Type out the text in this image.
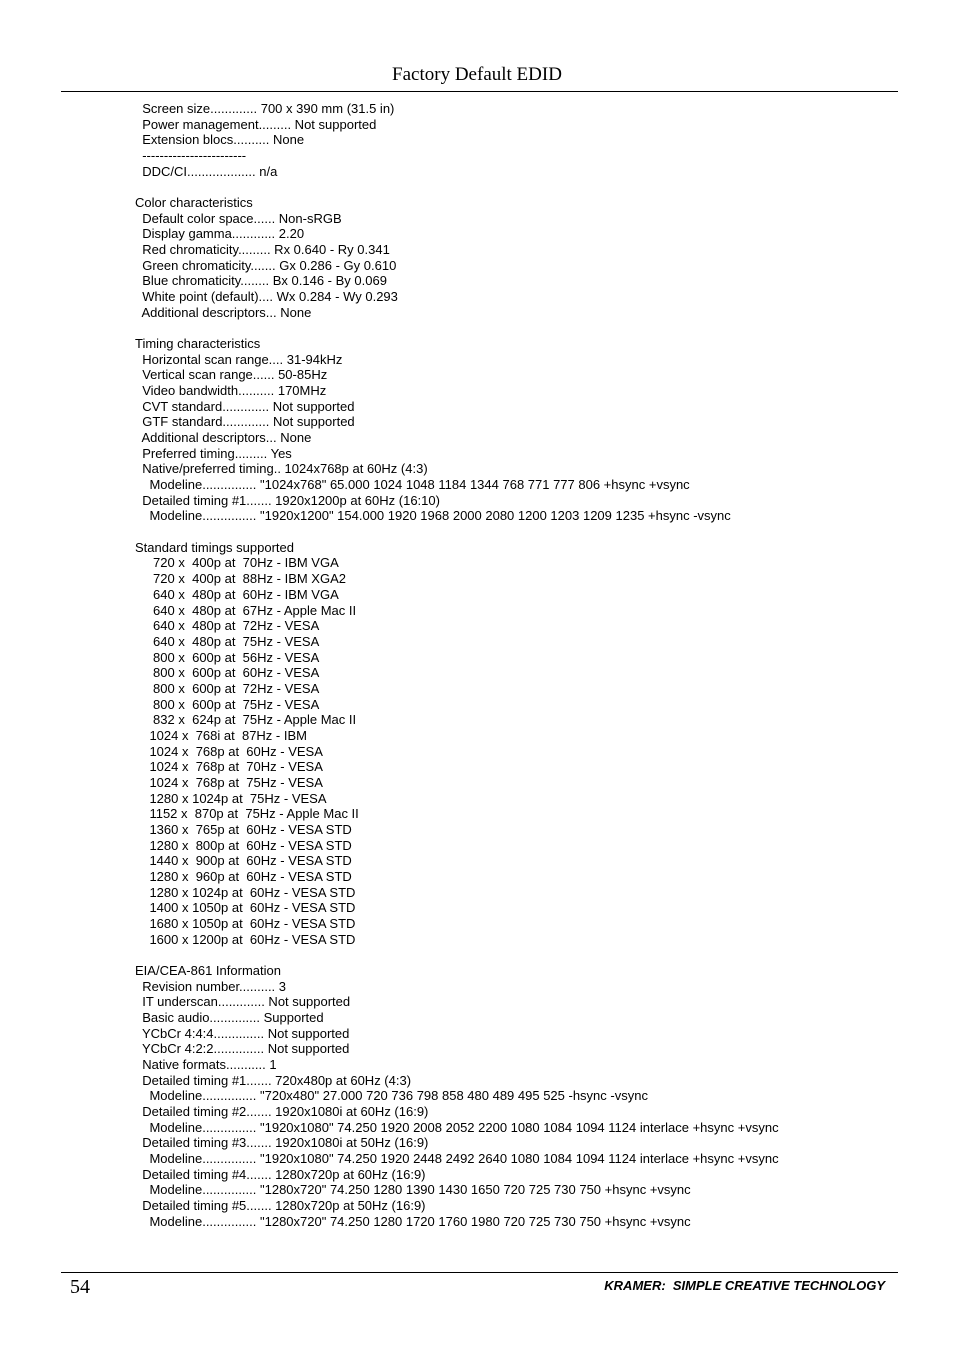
Factory Default EDID
Screen size............. 700 x 390 mm (31.5 in)
Power management......... Not supported
Extension blocs.......... None
------------------------
DDC/CI................... n/a
Color characteristics
Default color space...... Non-sRGB
Display gamma............ 2.20
Red chromaticity......... Rx 0.640 - Ry 0.341
Green chromaticity....... Gx 0.286 - Gy 0.610
Blue chromaticity........ Bx 0.146 - By 0.069
White point (default).... Wx 0.284 - Wy 0.293
Additional descriptors... None
Timing characteristics
Horizontal scan range.... 31-94kHz
Vertical scan range...... 50-85Hz
Video bandwidth.......... 170MHz
CVT standard............. Not supported
GTF standard............. Not supported
Additional descriptors... None
Preferred timing......... Yes
Native/preferred timing.. 1024x768p at 60Hz (4:3)
Modeline............... "1024x768" 65.000 1024 1048 1184 1344 768 771 777 806 +hsync +vsync
Detailed timing #1....... 1920x1200p at 60Hz (16:10)
Modeline............... "1920x1200" 154.000 1920 1968 2000 2080 1200 1203 1209 1235 +hsync -vsync
Standard timings supported
720 x  400p at  70Hz - IBM VGA
720 x  400p at  88Hz - IBM XGA2
640 x  480p at  60Hz - IBM VGA
640 x  480p at  67Hz - Apple Mac II
640 x  480p at  72Hz - VESA
640 x  480p at  75Hz - VESA
800 x  600p at  56Hz - VESA
800 x  600p at  60Hz - VESA
800 x  600p at  72Hz - VESA
800 x  600p at  75Hz - VESA
832 x  624p at  75Hz - Apple Mac II
1024 x  768i at  87Hz - IBM
1024 x  768p at  60Hz - VESA
1024 x  768p at  70Hz - VESA
1024 x  768p at  75Hz - VESA
1280 x 1024p at  75Hz - VESA
1152 x  870p at  75Hz - Apple Mac II
1360 x  765p at  60Hz - VESA STD
1280 x  800p at  60Hz - VESA STD
1440 x  900p at  60Hz - VESA STD
1280 x  960p at  60Hz - VESA STD
1280 x 1024p at  60Hz - VESA STD
1400 x 1050p at  60Hz - VESA STD
1680 x 1050p at  60Hz - VESA STD
1600 x 1200p at  60Hz - VESA STD
EIA/CEA-861 Information
Revision number.......... 3
IT underscan............. Not supported
Basic audio.............. Supported
YCbCr 4:4:4.............. Not supported
YCbCr 4:2:2.............. Not supported
Native formats........... 1
Detailed timing #1....... 720x480p at 60Hz (4:3)
Modeline............... "720x480" 27.000 720 736 798 858 480 489 495 525 -hsync -vsync
Detailed timing #2....... 1920x1080i at 60Hz (16:9)
Modeline............... "1920x1080" 74.250 1920 2008 2052 2200 1080 1084 1094 1124 interlace +hsync +vsync
Detailed timing #3....... 1920x1080i at 50Hz (16:9)
Modeline............... "1920x1080" 74.250 1920 2448 2492 2640 1080 1084 1094 1124 interlace +hsync +vsync
Detailed timing #4....... 1280x720p at 60Hz (16:9)
Modeline............... "1280x720" 74.250 1280 1390 1430 1650 720 725 730 750 +hsync +vsync
Detailed timing #5....... 1280x720p at 50Hz (16:9)
Modeline............... "1280x720" 74.250 1280 1720 1760 1980 720 725 730 750 +hsync +vsync
54	KRAMER:  SIMPLE CREATIVE TECHNOLOGY
